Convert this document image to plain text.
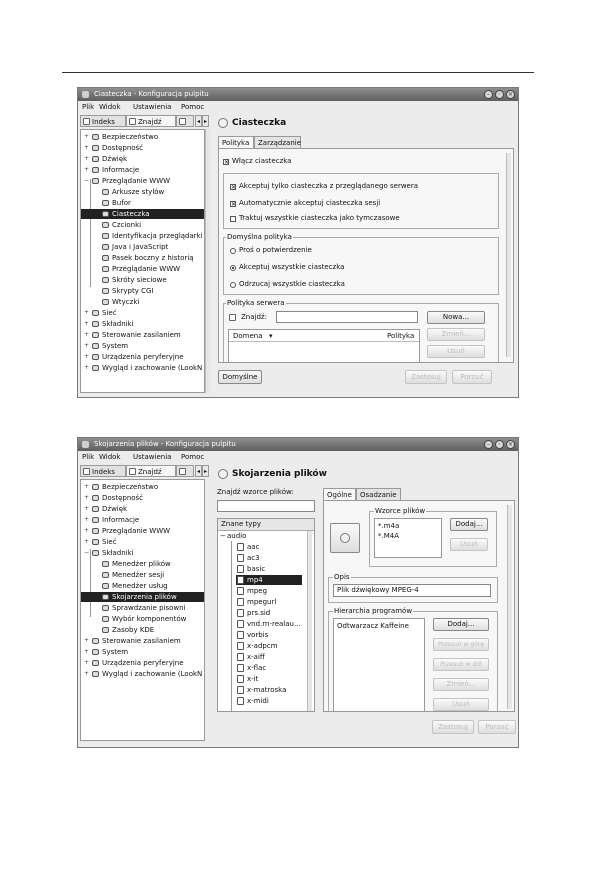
Ciasteczka - Konfiguracja pulpitu	–	◦	×
Plik Widok Ustawienia Pomoc
Indeks	Znajdź	◂ ▸
+ Bezpieczeństwo
+ Dostępność
+ Dźwięk
+ Informacje
− Przeglądanie WWW
Arkusze stylów
Bufor
Ciasteczka
Czcionki
Identyfikacja przeglądarki
Java i JavaScript
Pasek boczny z historią
Przeglądanie WWW
Skróty sieciowe
Skrypty CGI
Wtyczki
+ Sieć
+ Składniki
+ Sterowanie zasilaniem
+ System
+ Urządzenia peryferyjne
+ Wygląd i zachowanie (LookN
Ciasteczka
Polityka	Zarządzanie
✕ Włącz ciasteczka
✕ Akceptuj tylko ciasteczka z przeglądanego serwera
✕ Automatycznie akceptuj ciasteczka sesji
Traktuj wszystkie ciasteczka jako tymczasowe
Domyślna polityka
Proś o potwierdzenie
Akceptuj wszystkie ciasteczka
Odrzucaj wszystkie ciasteczka
Polityka serwera
Znajdź:	Nowa...
Zmień...
Usuń
Domena ▾	Polityka
Domyślne	Zastosuj	Porzuć
Skojarzenia plików - Konfiguracja pulpitu	–	◦	×
Plik Widok Ustawienia Pomoc
Indeks	Znajdź	◂ ▸
+ Bezpieczeństwo
+ Dostępność
+ Dźwięk
+ Informacje
+ Przeglądanie WWW
+ Sieć
− Składniki
Menedżer plików
Menedżer sesji
Menedżer usług
Skojarzenia plików
Sprawdzanie pisowni
Wybór komponentów
Zasoby KDE
+ Sterowanie zasilaniem
+ System
+ Urządzenia peryferyjne
+ Wygląd i zachowanie (LookN
Skojarzenia plików
Znajdź wzorce plików:
Znane typy
− audio
aac
ac3
basic
mp4
mpeg
mpegurl
prs.sid
vnd.rn-realau...
vorbis
x-adpcm
x-aiff
x-flac
x-it
x-matroska
x-midi
Ogólne	Osadzanie
Wzorce plików
*.m4a
*.M4A
Dodaj...
Usuń
Opis
Plik dźwiękowy MPEG-4
Hierarchia programów
Odtwarzacz Kaffeine	Dodaj...
Przesuń w górę
Przesuń w dół
Zmień...
Usuń
Zastosuj	Porzuć
